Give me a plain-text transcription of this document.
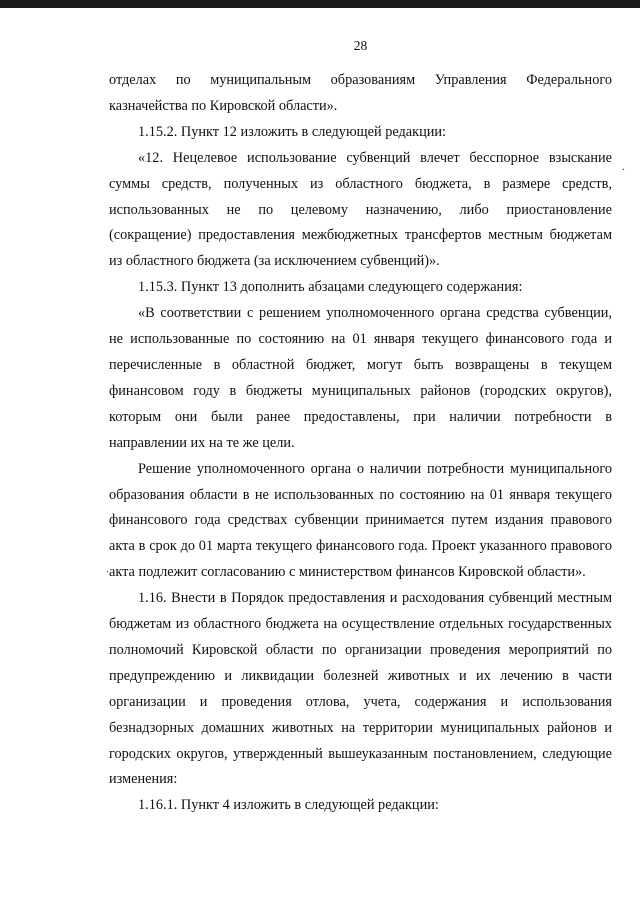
28

отделах по муниципальным образованиям Управления Федерального казначейства по Кировской области».

1.15.2. Пункт 12 изложить в следующей редакции:

«12. Нецелевое использование субвенций влечет бесспорное взыскание суммы средств, полученных из областного бюджета, в размере средств, использованных не по целевому назначению, либо приостановление (сокращение) предоставления межбюджетных трансфертов местным бюджетам из областного бюджета (за исключением субвенций)».

1.15.3. Пункт 13 дополнить абзацами следующего содержания:

«В соответствии с решением уполномоченного органа средства субвенции, не использованные по состоянию на 01 января текущего финансового года и перечисленные в областной бюджет, могут быть возвращены в текущем финансовом году в бюджеты муниципальных районов (городских округов), которым они были ранее предоставлены, при наличии потребности в направлении их на те же цели.

Решение уполномоченного органа о наличии потребности муниципального образования области в не использованных по состоянию на 01 января текущего финансового года средствах субвенции принимается путем издания правового акта в срок до 01 марта текущего финансового года. Проект указанного правового акта подлежит согласованию с министерством финансов Кировской области».

1.16. Внести в Порядок предоставления и расходования субвенций местным бюджетам из областного бюджета на осуществление отдельных государственных полномочий Кировской области по организации проведения мероприятий по предупреждению и ликвидации болезней животных и их лечению в части организации и проведения отлова, учета, содержания и использования безнадзорных домашних животных на территории муниципальных районов и городских округов, утвержденный вышеуказанным постановлением, следующие изменения:

1.16.1. Пункт 4 изложить в следующей редакции:

.
.
